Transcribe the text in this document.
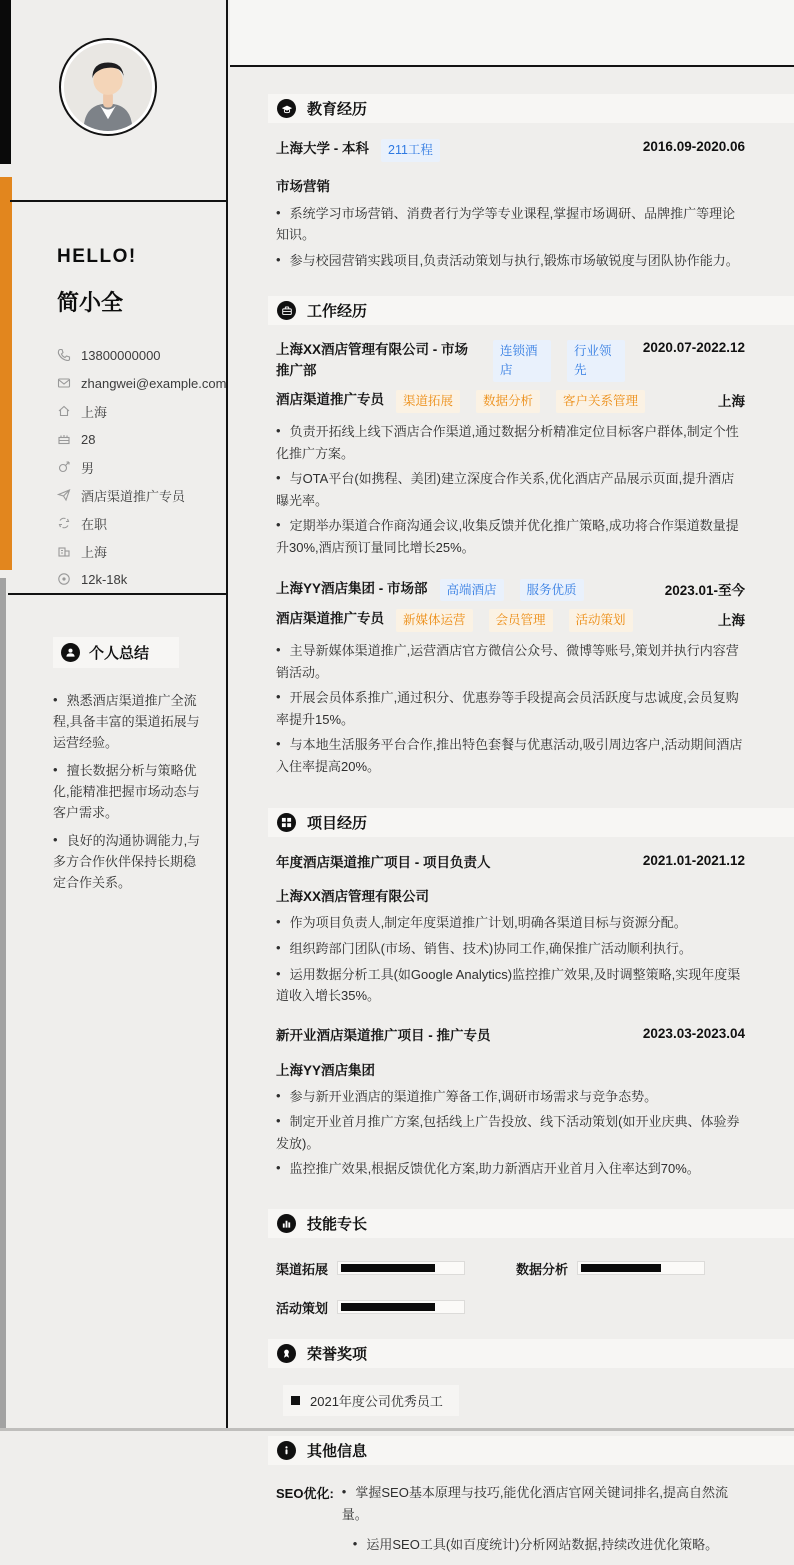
HELLO!
简小全
13800000000
zhangwei@example.com
上海
28
男
酒店渠道推广专员
在职
上海
12k-18k
个人总结

• 熟悉酒店渠道推广全流程,具备丰富的渠道拓展与运营经验。

• 擅长数据分析与策略优化,能精准把握市场动态与客户需求。

• 良好的沟通协调能力,与多方合作伙伴保持长期稳定合作关系。

教育经历
上海大学 - 本科	211工程	2016.09-2020.06
市场营销

• 系统学习市场营销、消费者行为学等专业课程,掌握市场调研、品牌推广等理论知识。

• 参与校园营销实践项目,负责活动策划与执行,锻炼市场敏锐度与团队协作能力。

工作经历
上海XX酒店管理有限公司 - 市场推广部
连锁酒店
行业领先
2020.07-2022.12
酒店渠道推广专员	渠道拓展	数据分析	客户关系管理	上海

• 负责开拓线上线下酒店合作渠道,通过数据分析精准定位目标客户群体,制定个性化推广方案。

• 与OTA平台(如携程、美团)建立深度合作关系,优化酒店产品展示页面,提升酒店曝光率。

• 定期举办渠道合作商沟通会议,收集反馈并优化推广策略,成功将合作渠道数量提升30%,酒店预订量同比增长25%。

上海YY酒店集团 - 市场部	高端酒店	服务优质	2023.01-至今
酒店渠道推广专员	新媒体运营	会员管理	活动策划	上海

• 主导新媒体渠道推广,运营酒店官方微信公众号、微博等账号,策划并执行内容营销活动。

• 开展会员体系推广,通过积分、优惠券等手段提高会员活跃度与忠诚度,会员复购率提升15%。

• 与本地生活服务平台合作,推出特色套餐与优惠活动,吸引周边客户,活动期间酒店入住率提高20%。

项目经历
年度酒店渠道推广项目 - 项目负责人	2021.01-2021.12
上海XX酒店管理有限公司

• 作为项目负责人,制定年度渠道推广计划,明确各渠道目标与资源分配。

• 组织跨部门团队(市场、销售、技术)协同工作,确保推广活动顺利执行。

• 运用数据分析工具(如Google Analytics)监控推广效果,及时调整策略,实现年度渠道收入增长35%。

新开业酒店渠道推广项目 - 推广专员	2023.03-2023.04
上海YY酒店集团

• 参与新开业酒店的渠道推广筹备工作,调研市场需求与竞争态势。

• 制定开业首月推广方案,包括线上广告投放、线下活动策划(如开业庆典、体验券发放)。

• 监控推广效果,根据反馈优化方案,助力新酒店开业首月入住率达到70%。

技能专长
渠道拓展	数据分析
活动策划
荣誉奖项
2021年度公司优秀员工
其他信息
SEO优化: • 掌握SEO基本原理与技巧,能优化酒店官网关键词排名,提高自然流量。

• 运用SEO工具(如百度统计)分析网站数据,持续改进优化策略。
